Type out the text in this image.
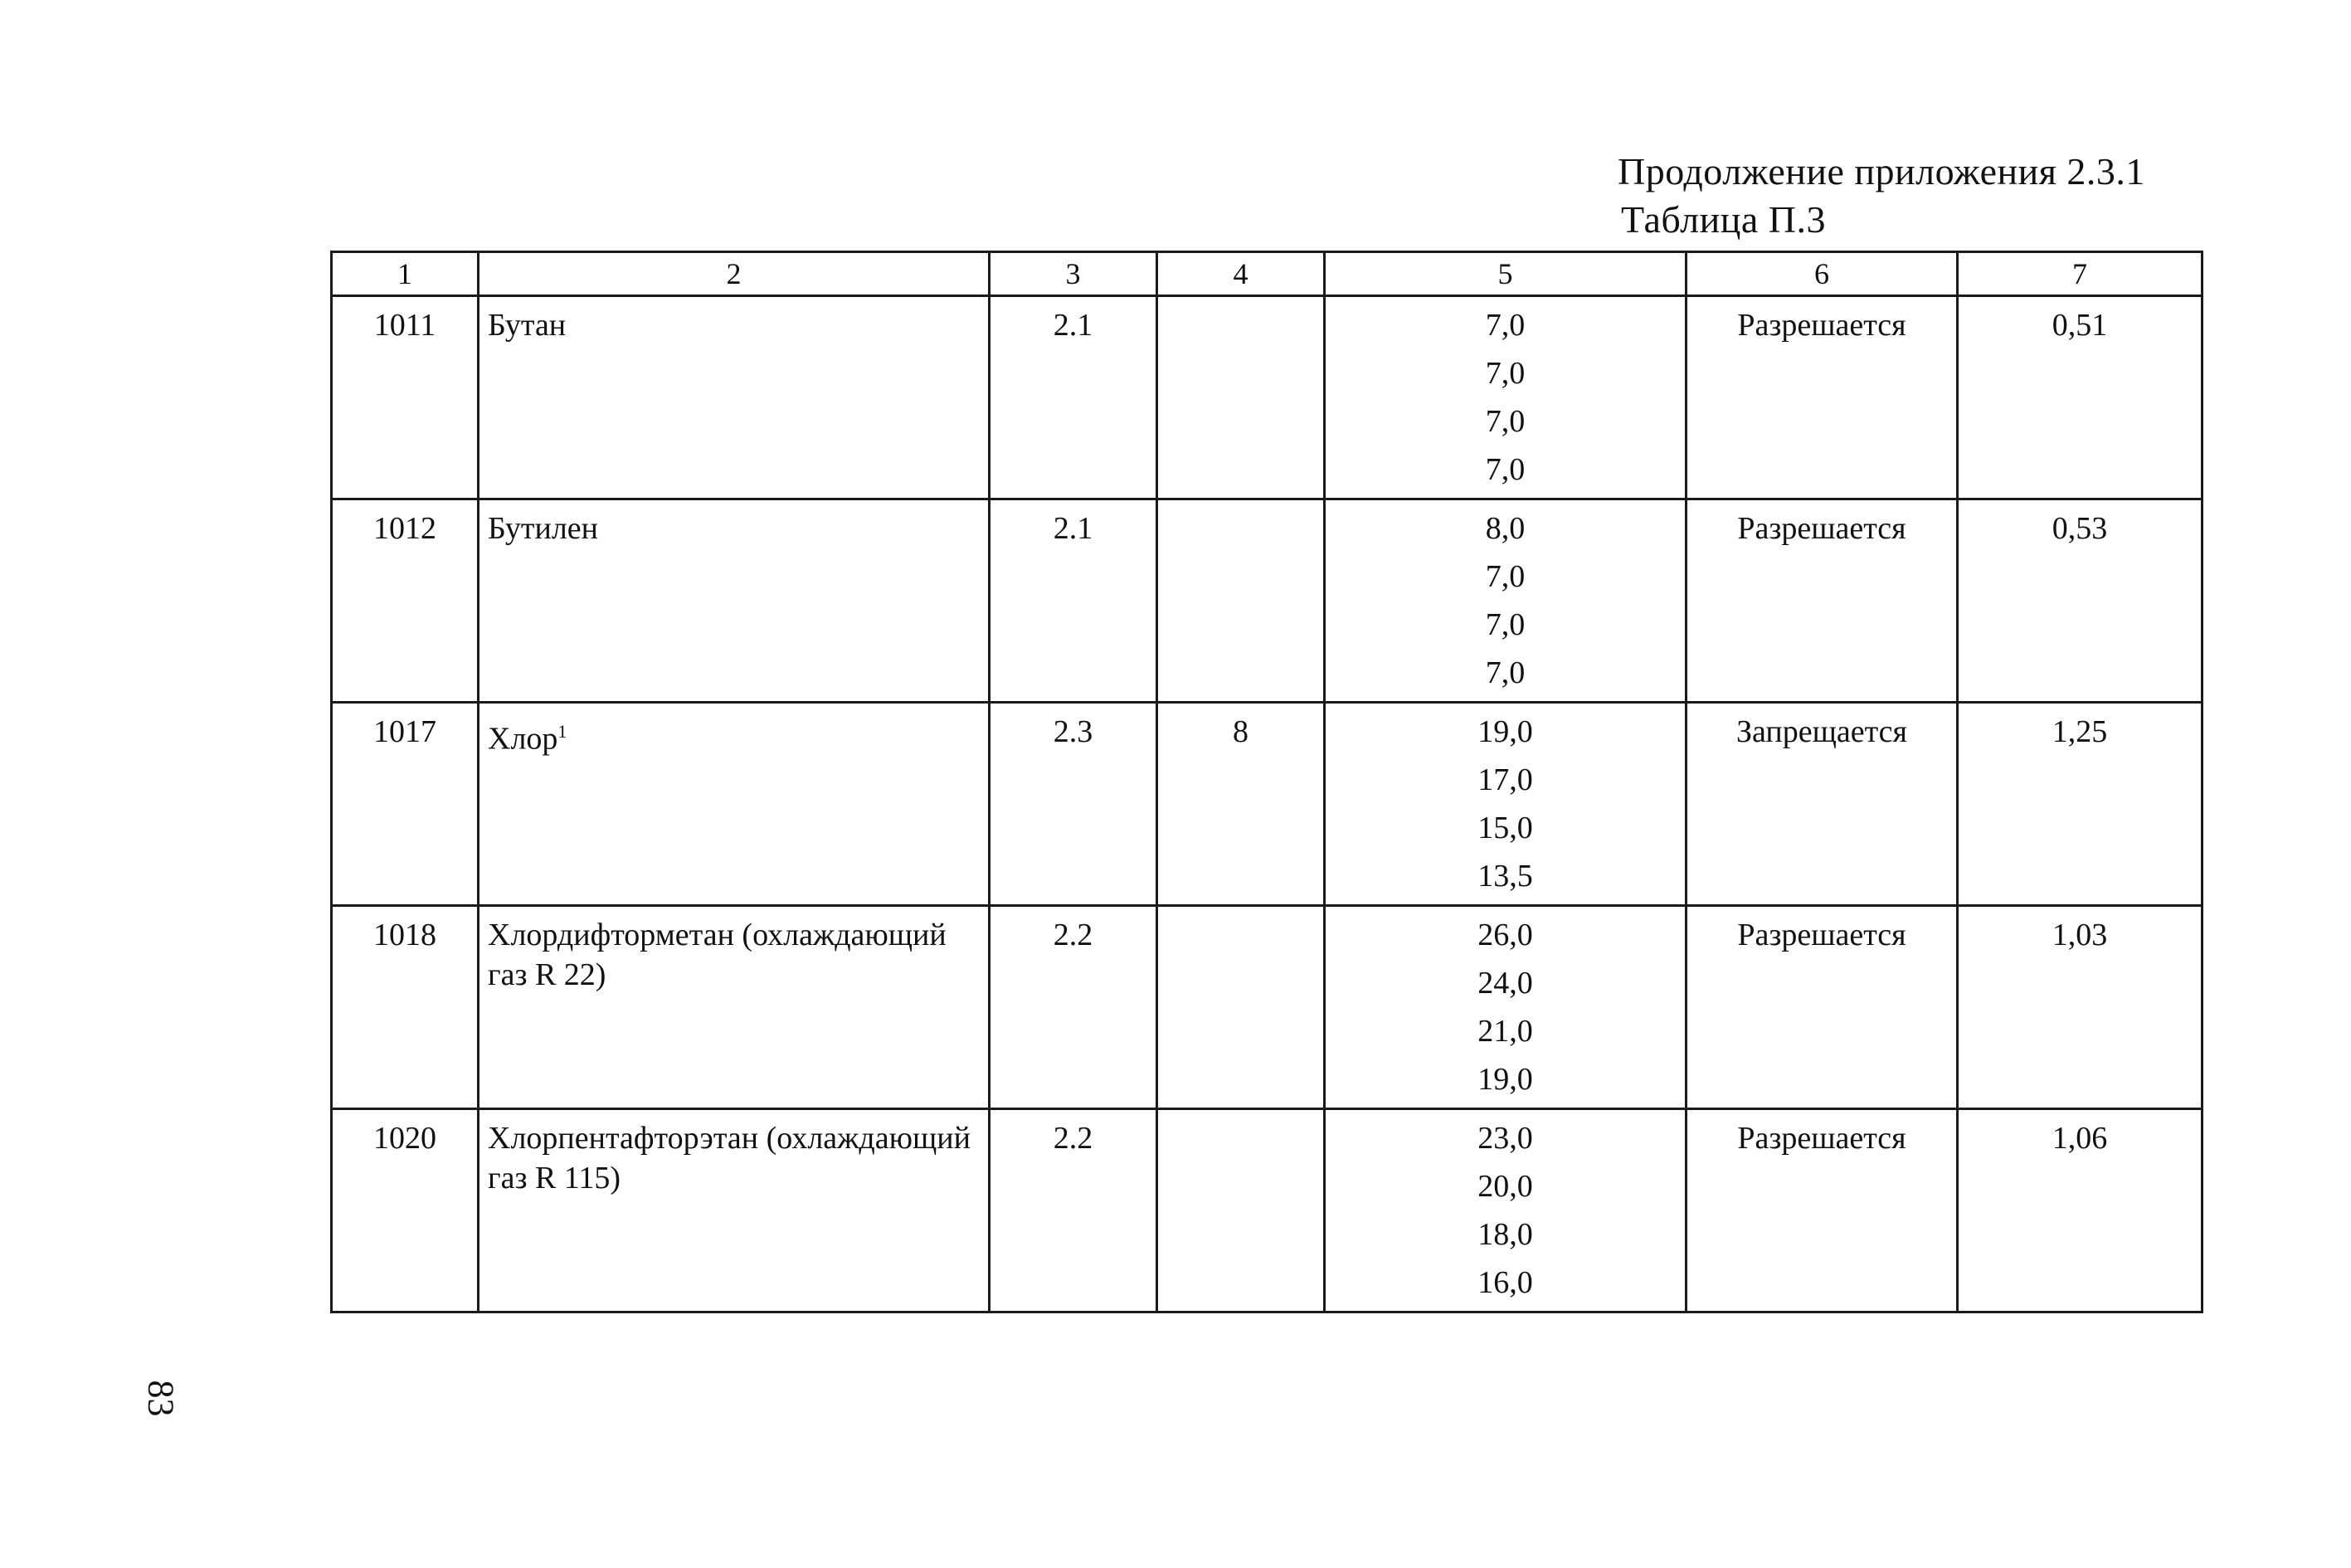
Продолжение приложения 2.3.1
Таблица П.3
1	2	3	4	5	6	7
1011	Бутан	2.1		7,0
7,0
7,0
7,0	Разрешается	0,51
1012	Бутилен	2.1		8,0
7,0
7,0
7,0	Разрешается	0,53
1017	Хлор$^1$	2.3	8	19,0
17,0
15,0
13,5	Запрещается	1,25
1018	Хлордифторметан (охлаждающий газ R 22)	2.2		26,0
24,0
21,0
19,0	Разрешается	1,03
1020	Хлорпентафторэтан (охлаждающий газ R 115)	2.2		23,0
20,0
18,0
16,0	Разрешается	1,06
83
